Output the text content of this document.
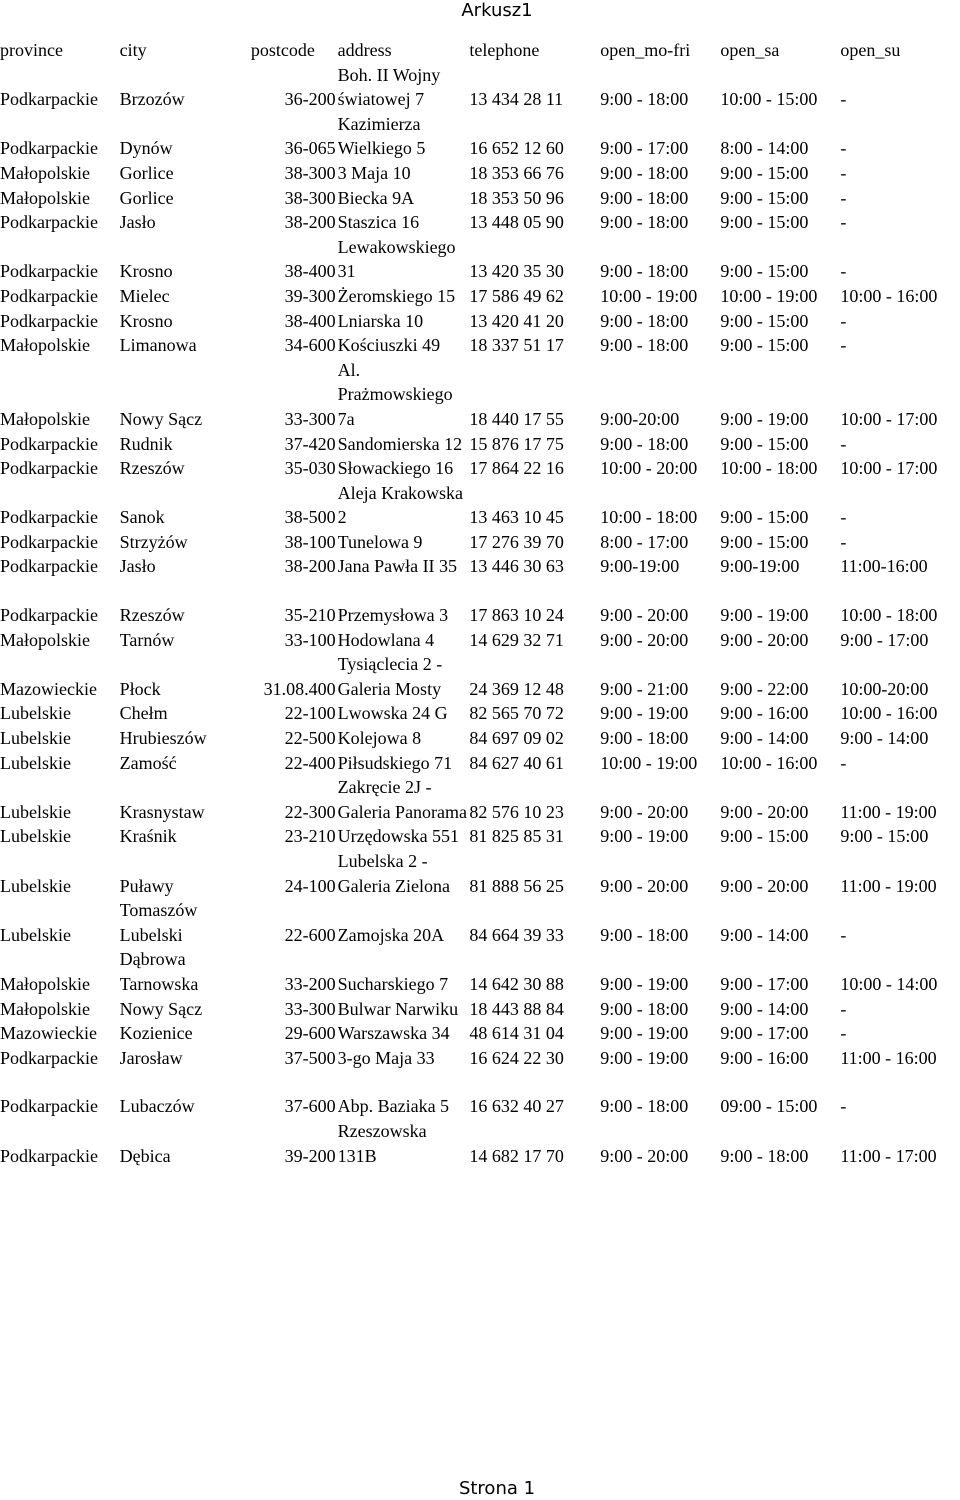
Arkusz1
province	city	postcode	address	telephone	open_mo-fri	open_sa	open_su
Podkarpackie	Brzozów	36-200	Boh. II Wojny światowej 7	13 434 28 11	9:00 - 18:00	10:00 - 15:00	-
Podkarpackie	Dynów	36-065	Kazimierza Wielkiego 5	16 652 12 60	9:00 - 17:00	8:00 - 14:00	-
Małopolskie	Gorlice	38-300	3 Maja 10	18 353 66 76	9:00 - 18:00	9:00 - 15:00	-
Małopolskie	Gorlice	38-300	Biecka 9A	18 353 50 96	9:00 - 18:00	9:00 - 15:00	-
Podkarpackie	Jasło	38-200	Staszica 16	13 448 05 90	9:00 - 18:00	9:00 - 15:00	-
Podkarpackie	Krosno	38-400	Lewakowskiego 31	13 420 35 30	9:00 - 18:00	9:00 - 15:00	-
Podkarpackie	Mielec	39-300	Żeromskiego 15	17 586 49 62	10:00 - 19:00	10:00 - 19:00	10:00 - 16:00
Podkarpackie	Krosno	38-400	Lniarska 10	13 420 41 20	9:00 - 18:00	9:00 - 15:00	-
Małopolskie	Limanowa	34-600	Kościuszki 49	18 337 51 17	9:00 - 18:00	9:00 - 15:00	-
Małopolskie	Nowy Sącz	33-300	Al. Prażmowskiego 7a	18 440 17 55	9:00-20:00	9:00 - 19:00	10:00 - 17:00
Podkarpackie	Rudnik	37-420	Sandomierska 12	15 876 17 75	9:00 - 18:00	9:00 - 15:00	-
Podkarpackie	Rzeszów	35-030	Słowackiego 16	17 864 22 16	10:00 - 20:00	10:00 - 18:00	10:00 - 17:00
Podkarpackie	Sanok	38-500	Aleja Krakowska 2	13 463 10 45	10:00 - 18:00	9:00 - 15:00	-
Podkarpackie	Strzyżów	38-100	Tunelowa 9	17 276 39 70	8:00 - 17:00	9:00 - 15:00	-
Podkarpackie	Jasło	38-200	Jana Pawła II 35	13 446 30 63	9:00-19:00	9:00-19:00	11:00-16:00
Podkarpackie	Rzeszów	35-210	Przemysłowa 3	17 863 10 24	9:00 - 20:00	9:00 - 19:00	10:00 - 18:00
Małopolskie	Tarnów	33-100	Hodowlana 4	14 629 32 71	9:00 - 20:00	9:00 - 20:00	9:00 - 17:00
Mazowieckie	Płock	31.08.400	Tysiąclecia 2 - Galeria Mosty	24 369 12 48	9:00 - 21:00	9:00 - 22:00	10:00-20:00
Lubelskie	Chełm	22-100	Lwowska 24 G	82 565 70 72	9:00 - 19:00	9:00 - 16:00	10:00 - 16:00
Lubelskie	Hrubieszów	22-500	Kolejowa 8	84 697 09 02	9:00 - 18:00	9:00 - 14:00	9:00 - 14:00
Lubelskie	Zamość	22-400	Piłsudskiego 71	84 627 40 61	10:00 - 19:00	10:00 - 16:00	-
Lubelskie	Krasnystaw	22-300	Zakręcie 2J - Galeria Panorama	82 576 10 23	9:00 - 20:00	9:00 - 20:00	11:00 - 19:00
Lubelskie	Kraśnik	23-210	Urzędowska 551	81 825 85 31	9:00 - 19:00	9:00 - 15:00	9:00 - 15:00
Lubelskie	Puławy	24-100	Lubelska 2 - Galeria Zielona	81 888 56 25	9:00 - 20:00	9:00 - 20:00	11:00 - 19:00
Lubelskie	Tomaszów Lubelski	22-600	Zamojska 20A	84 664 39 33	9:00 - 18:00	9:00 - 14:00	-
Małopolskie	Dąbrowa Tarnowska	33-200	Sucharskiego 7	14 642 30 88	9:00 - 19:00	9:00 - 17:00	10:00 - 14:00
Małopolskie	Nowy Sącz	33-300	Bulwar Narwiku	18 443 88 84	9:00 - 18:00	9:00 - 14:00	-
Mazowieckie	Kozienice	29-600	Warszawska 34	48 614 31 04	9:00 - 19:00	9:00 - 17:00	-
Podkarpackie	Jarosław	37-500	3-go Maja 33	16 624 22 30	9:00 - 19:00	9:00 - 16:00	11:00 - 16:00
Podkarpackie	Lubaczów	37-600	Abp. Baziaka 5	16 632 40 27	9:00 - 18:00	09:00 - 15:00	-
Podkarpackie	Dębica	39-200	Rzeszowska 131B	14 682 17 70	9:00 - 20:00	9:00 - 18:00	11:00 - 17:00
Strona 1
